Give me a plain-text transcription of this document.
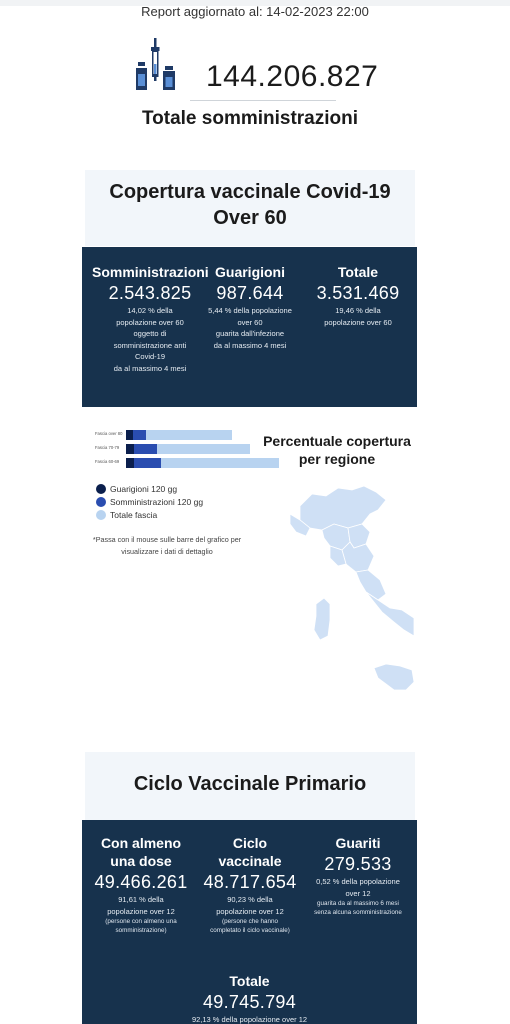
Report aggiornato al: 14-02-2023 22:00
144.206.827
Totale somministrazioni
Copertura vaccinale Covid-19
Over 60
Somministrazioni
2.543.825
14,02 % della
popolazione over 60
oggetto di
somministrazione anti
Covid-19
da al massimo 4 mesi
Guarigioni
987.644
5,44 % della popolazione
over 60
guarita dall'infezione
da al massimo 4 mesi
Totale
3.531.469
19,46 % della
popolazione over 60
Fascia over 80
Fascia 70-79
Fascia 60-69
Guarigioni 120 gg
Somministrazioni 120 gg
Totale fascia
*Passa con il mouse sulle barre del grafico per visualizzare i dati di dettaglio
Percentuale copertura per regione
Ciclo Vaccinale Primario
Con almeno
una dose
49.466.261
91,61 % della
popolazione over 12
(persone con almeno una
somministrazione)
Ciclo
vaccinale
48.717.654
90,23 % della
popolazione over 12
(persone che hanno
completato il ciclo vaccinale)
Guariti
279.533
0,52 % della popolazione
over 12
guarita da al massimo 6 mesi
senza alcuna somministrazione
Totale
49.745.794
92,13 % della popolazione over 12
